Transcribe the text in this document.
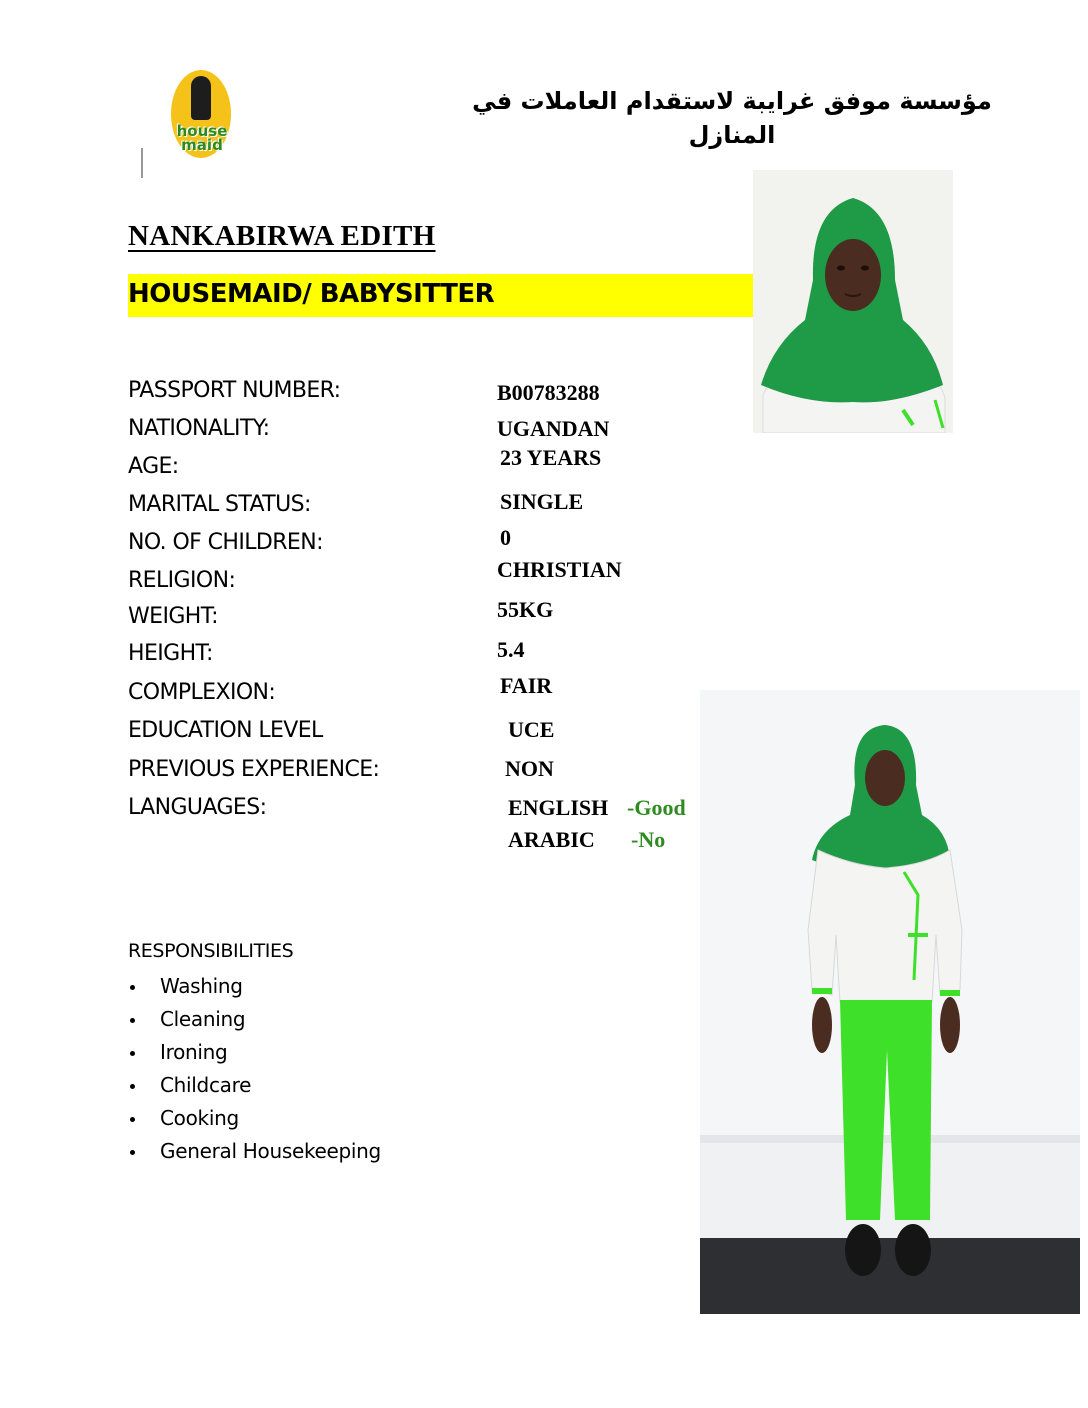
house
maid
مؤسسة موفق غرايبة لاستقدام العاملات في المنازل
NANKABIRWA EDITH
HOUSEMAID/ BABYSITTER
PASSPORT NUMBER:
NATIONALITY:
AGE:
MARITAL STATUS:
NO. OF CHILDREN:
RELIGION:
WEIGHT:
HEIGHT:
COMPLEXION:
EDUCATION LEVEL
PREVIOUS EXPERIENCE:
LANGUAGES:
B00783288
UGANDAN
23 YEARS
SINGLE
0
CHRISTIAN
55KG
5.4
FAIR
UCE
NON
ENGLISH -Good
ARABIC -No
RESPONSIBILITIES
Washing
Cleaning
Ironing
Childcare
Cooking
General Housekeeping
